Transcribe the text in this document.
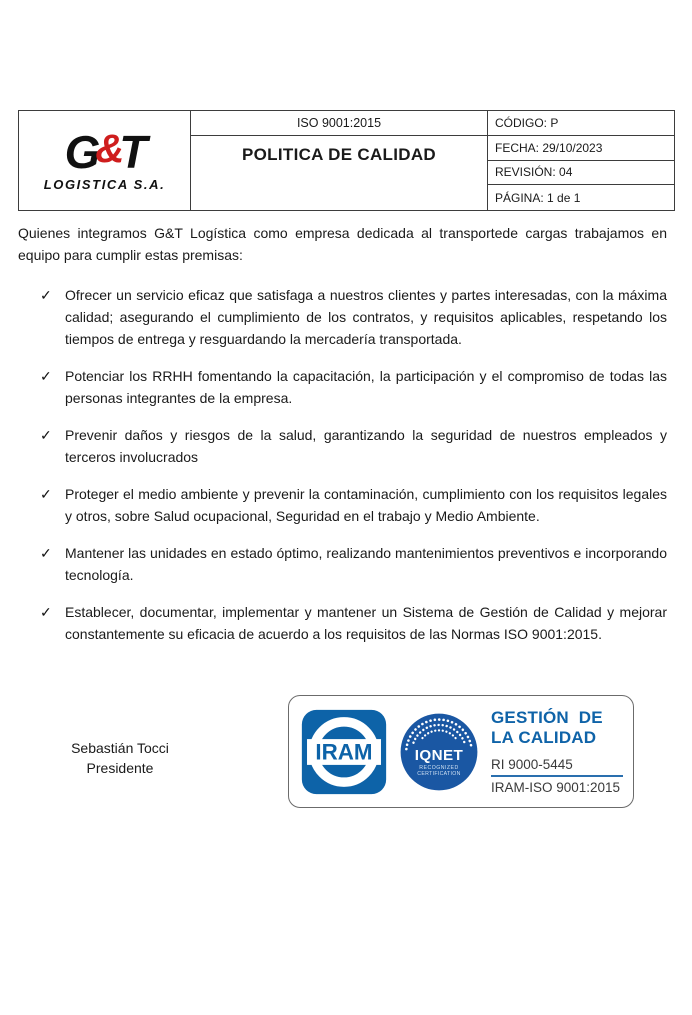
G
&
T
LOGISTICA S.A.
ISO 9001:2015
POLITICA DE CALIDAD
CÓDIGO: P
FECHA: 29/10/2023
REVISIÓN: 04
PÁGINA: 1 de 1

Quienes integramos G&T Logística como empresa dedicada al transportede cargas trabajamos en equipo para cumplir estas premisas:

✓ Ofrecer un servicio eficaz que satisfaga a nuestros clientes y partes interesadas, con la máxima calidad; asegurando el cumplimiento de los contratos, y requisitos aplicables, respetando los tiempos de entrega y resguardando la mercadería transportada.
✓ Potenciar los RRHH fomentando la capacitación, la participación y el compromiso de todas las personas integrantes de la empresa.
✓ Prevenir daños y riesgos de la salud, garantizando la seguridad de nuestros empleados y terceros involucrados
✓ Proteger el medio ambiente y prevenir la contaminación, cumplimiento con los requisitos legales y otros, sobre Salud ocupacional, Seguridad en el trabajo y Medio Ambiente.
✓ Mantener las unidades en estado óptimo, realizando mantenimientos preventivos e incorporando tecnología.
✓ Establecer, documentar, implementar y mantener un Sistema de Gestión de Calidad y mejorar constantemente su eficacia de acuerdo a los requisitos de las Normas ISO 9001:2015.
Sebastián Tocci
Presidente
IRAM IQNET
RECOGNIZED
CERTIFICATION
GESTIÓN  DE
LA CALIDAD
RI 9000-5445
IRAM-ISO 9001:2015
